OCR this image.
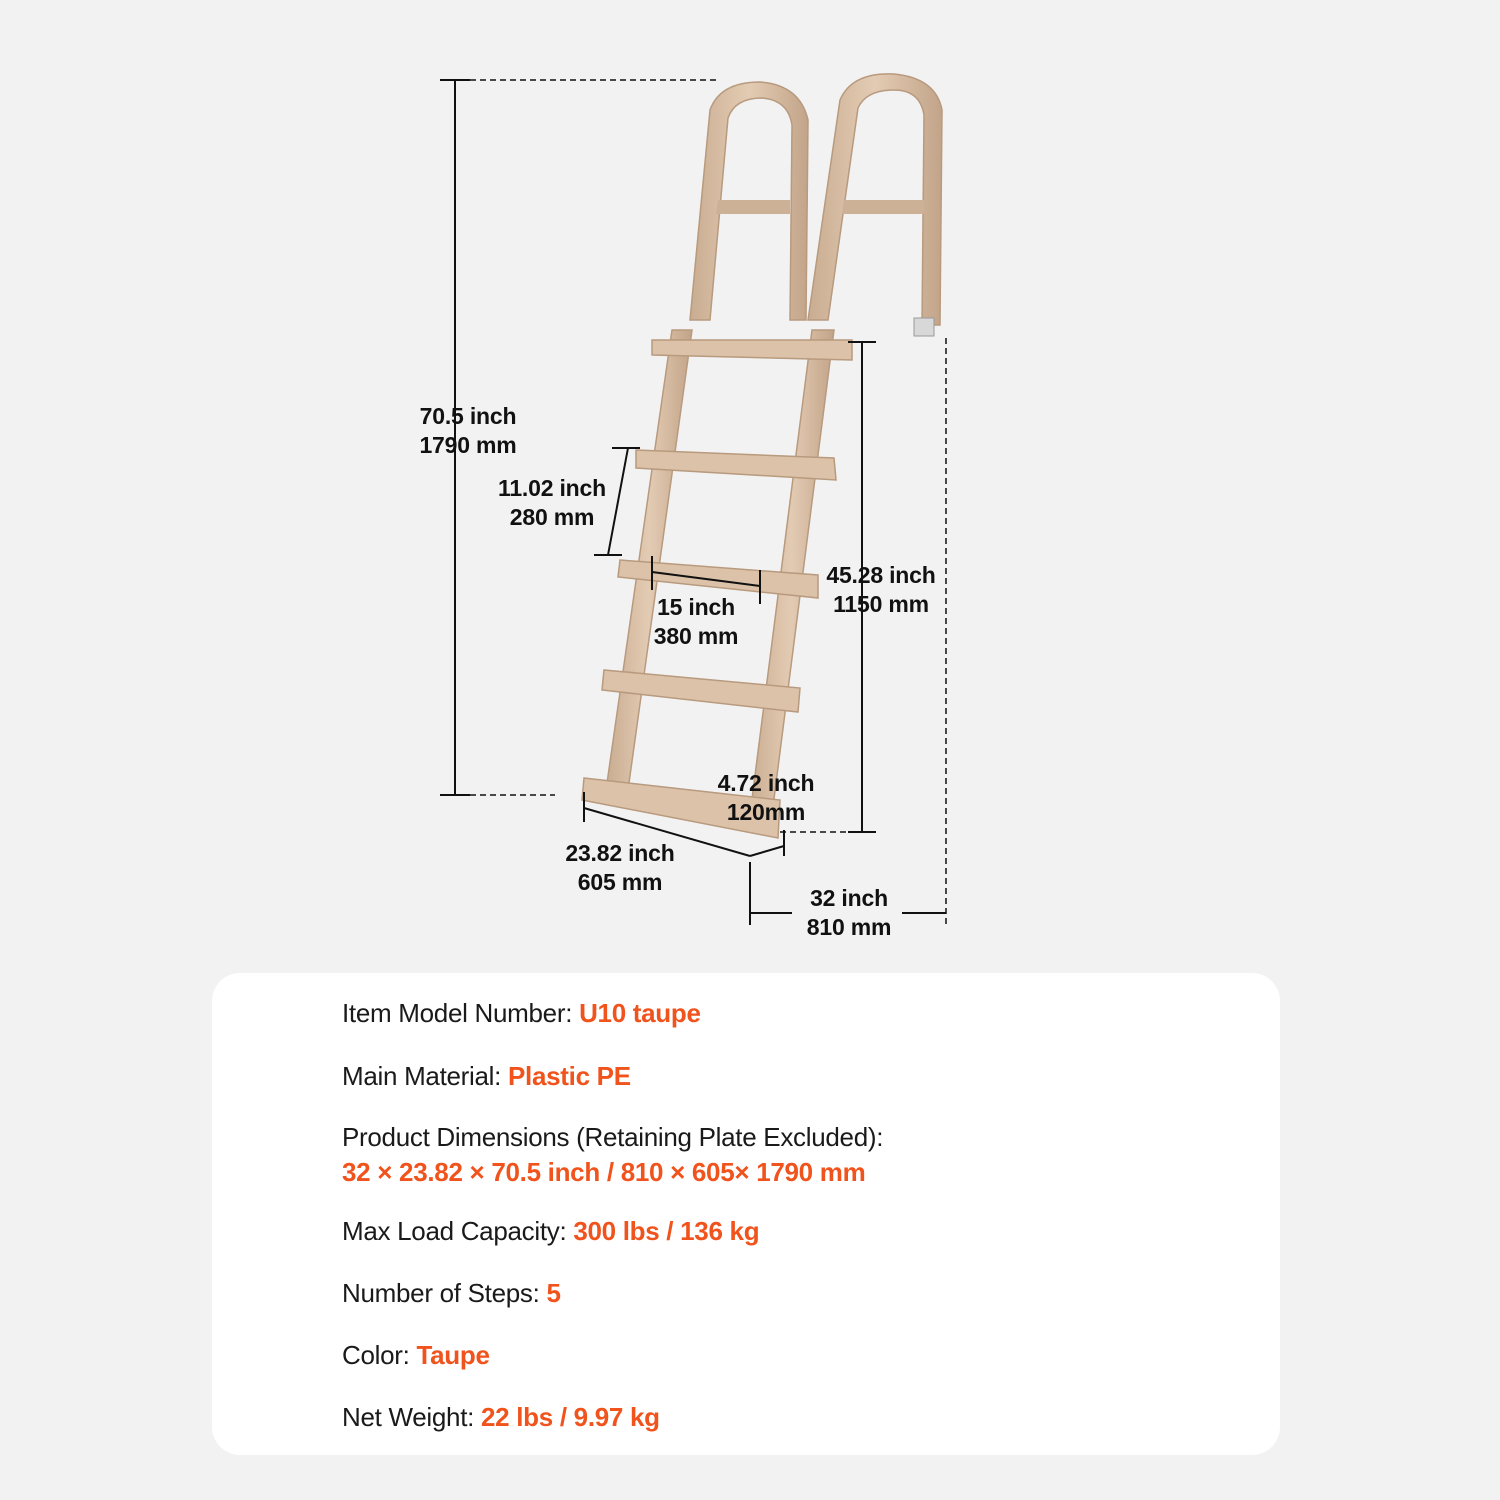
70.5 inch
1790 mm
11.02 inch
280 mm
15 inch
380 mm
45.28 inch
1150 mm
4.72 inch
120mm
23.82 inch
605 mm
32 inch
810 mm
Item Model Number: U10 taupe
Main Material: Plastic PE
Product Dimensions (Retaining Plate Excluded):
32 × 23.82 × 70.5 inch / 810 × 605× 1790 mm
Max Load Capacity: 300 lbs / 136 kg
Number of Steps: 5
Color: Taupe
Net Weight: 22 lbs / 9.97 kg
